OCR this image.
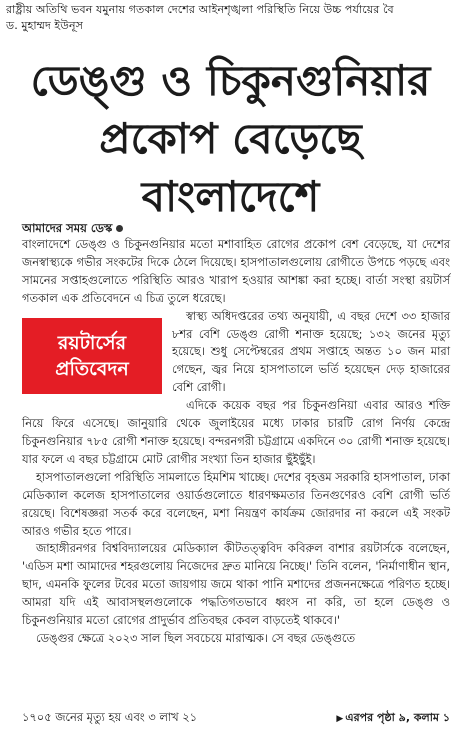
রাষ্ট্রীয় অতিথি ভবন যমুনায় গতকাল দেশের আইনশৃঙ্খলা পরিস্থিতি নিয়ে উচ্চ পর্যায়ের বৈ
ড. মুহাম্মদ ইউনূস
ডেঙ্গু ও চিকুনগুনিয়ার
প্রকোপ বেড়েছে
বাংলাদেশে
আমাদের সময় ডেস্ক

বাংলাদেশে ডেঙ্গু ও চিকুনগুনিয়ার মতো মশাবাহিত রোগের প্রকোপ বেশ বেড়েছে, যা দেশের জনস্বাস্থ্যকে গভীর সংকটের দিকে ঠেলে দিয়েছে। হাসপাতালগুলোয় রোগীতে উপচে পড়ছে এবং সামনের সপ্তাহগুলোতে পরিস্থিতি আরও খারাপ হওয়ার আশঙ্কা করা হচ্ছে। বার্তা সংস্থা রয়টার্স গতকাল এক প্রতিবেদনে এ চিত্র তুলে ধরেছে।

রয়টার্সের
প্রতিবেদন

স্বাস্থ্য অধিদপ্তরের তথ্য অনুযায়ী, এ বছর দেশে ৩৩ হাজার ৮শর বেশি ডেঙ্গু রোগী শনাক্ত হয়েছে; ১৩২ জনের মৃত্যু হয়েছে। শুধু সেপ্টেম্বরের প্রথম সপ্তাহে অন্তত ১০ জন মারা গেছেন, জ্বর নিয়ে হাসপাতালে ভর্তি হয়েছেন দেড় হাজারের বেশি রোগী।

এদিকে কয়েক বছর পর চিকুনগুনিয়া এবার আরও শক্তি নিয়ে ফিরে এসেছে। জানুয়ারি থেকে জুলাইয়ের মধ্যে ঢাকার চারটি রোগ নির্ণয় কেন্দ্রে চিকুনগুনিয়ার ৭৮৫ রোগী শনাক্ত হয়েছে। বন্দরনগরী চট্টগ্রামে একদিনে ৩০ রোগী শনাক্ত হয়েছে। যার ফলে এ বছর চট্টগ্রামে মোট রোগীর সংখ্যা তিন হাজার ছুঁইছুঁই।

হাসপাতালগুলো পরিস্থিতি সামলাতে হিমশিম খাচ্ছে। দেশের বৃহত্তম সরকারি হাসপাতাল, ঢাকা মেডিক্যাল কলেজ হাসপাতালের ওয়ার্ডগুলোতে ধারণক্ষমতার তিনগুণেরও বেশি রোগী ভর্তি রয়েছে। বিশেষজ্ঞরা সতর্ক করে বলেছেন, মশা নিয়ন্ত্রণ কার্যক্রম জোরদার না করলে এই সংকট আরও গভীর হতে পারে।

জাহাঙ্গীরনগর বিশ্ববিদ্যালয়ের মেডিক্যাল কীটতত্ত্ববিদ কবিরুল বাশার রয়টার্সকে বলেছেন, 'এডিস মশা আমাদের শহরগুলোয় নিজেদের দ্রুত মানিয়ে নিচ্ছে।' তিনি বলেন, 'নির্মাণাধীন স্থান, ছাদ, এমনকি ফুলের টবের মতো জায়গায় জমে থাকা পানি মশাদের প্রজননক্ষেত্রে পরিণত হচ্ছে। আমরা যদি এই আবাসস্থলগুলোকে পদ্ধতিগতভাবে ধ্বংস না করি, তা হলে ডেঙ্গু ও চিকুনগুনিয়ার মতো রোগের প্রাদুর্ভাব প্রতিবছর কেবল বাড়তেই থাকবে।'

ডেঙ্গুর ক্ষেত্রে ২০২৩ সাল ছিল সবচেয়ে মারাত্মক। সে বছর ডেঙ্গুতে

১৭০৫ জনের মৃত্যু হয় এবং ৩ লাখ ২১	▶ এরপর পৃষ্ঠা ৯, কলাম ১
